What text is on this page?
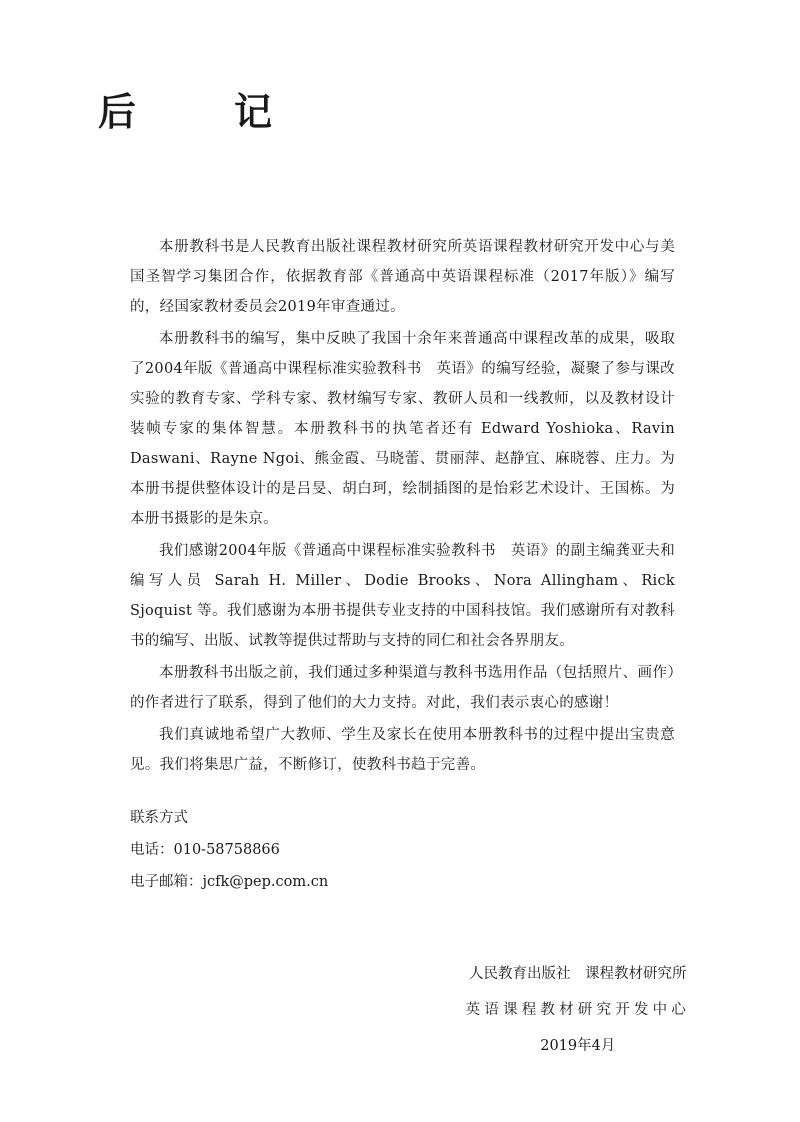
后　记

本册教科书是人民教育出版社课程教材研究所英语课程教材研究开发中心与美国圣智学习集团合作，依据教育部《普通高中英语课程标准（2017年版）》编写的，经国家教材委员会2019年审查通过。

本册教科书的编写，集中反映了我国十余年来普通高中课程改革的成果，吸取了2004年版《普通高中课程标准实验教科书　英语》的编写经验，凝聚了参与课改实验的教育专家、学科专家、教材编写专家、教研人员和一线教师，以及教材设计装帧专家的集体智慧。本册教科书的执笔者还有 Edward Yoshioka、Ravin Daswani、Rayne Ngoi、熊金霞、马晓蕾、贯丽萍、赵静宜、麻晓蓉、庄力。为本册书提供整体设计的是吕旻、胡白珂，绘制插图的是怡彩艺术设计、王国栋。为本册书摄影的是朱京。

我们感谢2004年版《普通高中课程标准实验教科书　英语》的副主编龚亚夫和编写人员 Sarah H. Miller、Dodie Brooks、Nora Allingham、Rick Sjoquist 等。我们感谢为本册书提供专业支持的中国科技馆。我们感谢所有对教科书的编写、出版、试教等提供过帮助与支持的同仁和社会各界朋友。

本册教科书出版之前，我们通过多种渠道与教科书选用作品（包括照片、画作）的作者进行了联系，得到了他们的大力支持。对此，我们表示衷心的感谢！

我们真诚地希望广大教师、学生及家长在使用本册教科书的过程中提出宝贵意见。我们将集思广益，不断修订，使教科书趋于完善。

联系方式
电话：010-58758866
电子邮箱：jcfk@pep.com.cn
人民教育出版社　课程教材研究所
英语课程教材研究开发中心
2019年4月
